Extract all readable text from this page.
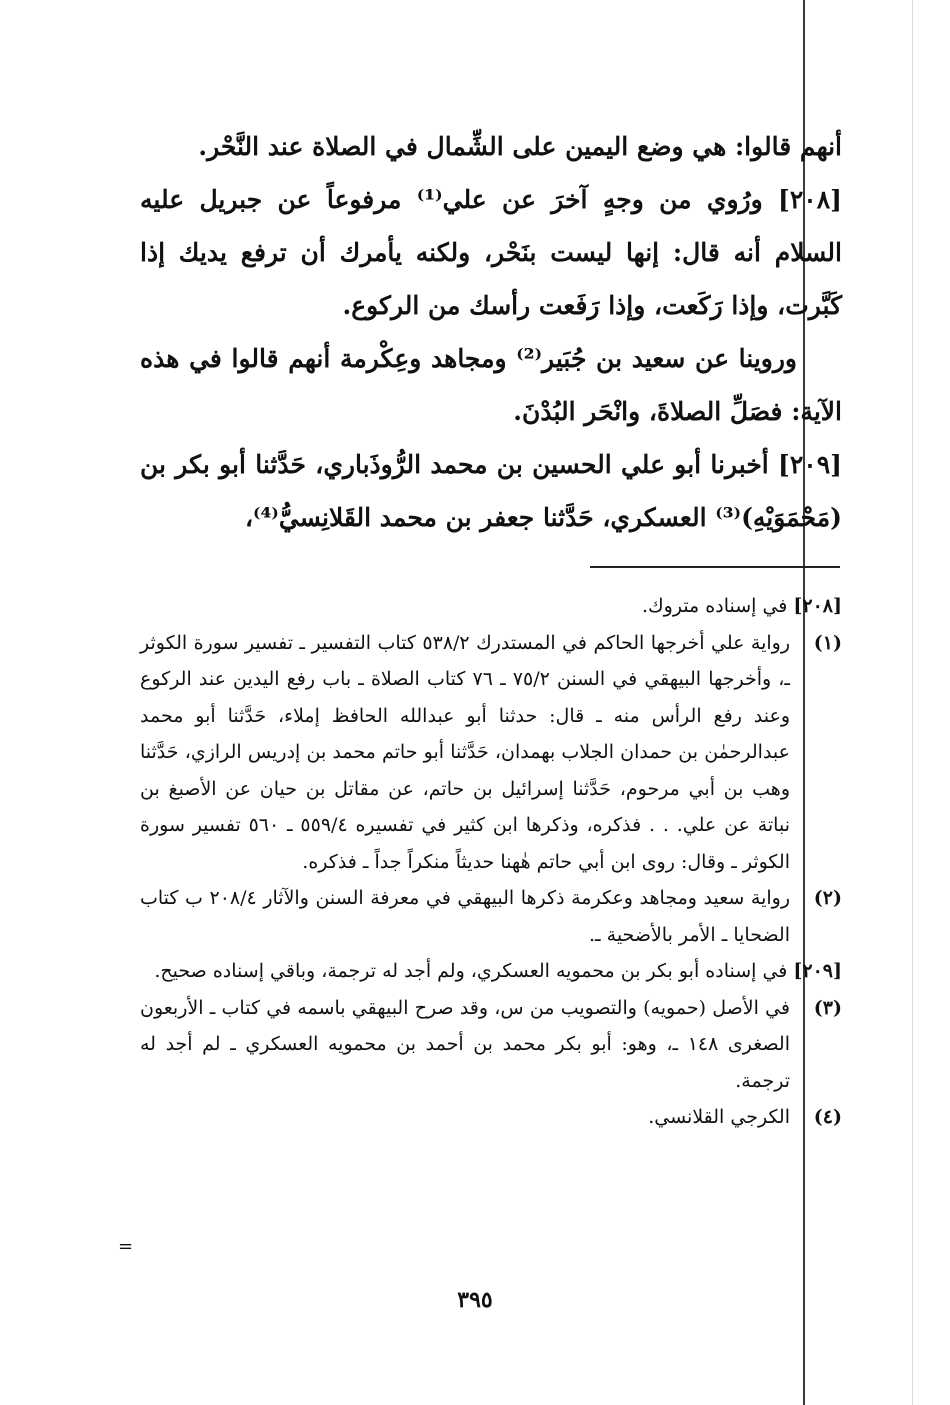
أنهم قالوا: هي وضع اليمين على الشِّمال في الصلاة عند النَّحْر.

[٢٠٨] ورُوي من وجهٍ آخرَ عن علي⁽¹⁾ مرفوعاً عن جبريل عليه السلام أنه قال: إنها ليست بنَحْر، ولكنه يأمرك أن ترفع يديك إذا كَبَّرت، وإذا رَكَعت، وإذا رَفَعت رأسك من الركوع.

وروينا عن سعيد بن جُبَير⁽²⁾ ومجاهد وعِكْرمة أنهم قالوا في هذه الآية: فصَلِّ الصلاةَ، وانْحَر البُدْنَ.

[٢٠٩] أخبرنا أبو علي الحسين بن محمد الرُّوذَباري، حَدَّثنا أبو بكر بن (مَحْمَوَيْهِ)⁽³⁾ العسكري، حَدَّثنا جعفر بن محمد القَلانِسيُّ⁽⁴⁾،

[٢٠٨]
في إسناده متروك.
(١)
رواية علي أخرجها الحاكم في المستدرك ٥٣٨/٢ كتاب التفسير ـ تفسير سورة الكوثر ـ، وأخرجها البيهقي في السنن ٧٥/٢ ـ ٧٦ كتاب الصلاة ـ باب رفع اليدين عند الركوع وعند رفع الرأس منه ـ قال: حدثنا أبو عبدالله الحافظ إملاء، حَدَّثنا أبو محمد عبدالرحمٰن بن حمدان الجلاب بهمدان، حَدَّثنا أبو حاتم محمد بن إدريس الرازي، حَدَّثنا وهب بن أبي مرحوم، حَدَّثنا إسرائيل بن حاتم، عن مقاتل بن حيان عن الأصبغ بن نباتة عن علي. . . فذكره، وذكرها ابن كثير في تفسيره ٥٥٩/٤ ـ ٥٦٠ تفسير سورة الكوثر ـ وقال: روى ابن أبي حاتم هٰهنا حديثاً منكراً جداً ـ فذكره.
(٢)
رواية سعيد ومجاهد وعكرمة ذكرها البيهقي في معرفة السنن والآثار ٢٠٨/٤ ب كتاب الضحايا ـ الأمر بالأضحية ـ.
[٢٠٩]
في إسناده أبو بكر بن محمويه العسكري، ولم أجد له ترجمة، وباقي إسناده صحيح.
(٣)
في الأصل (حمويه) والتصويب من س، وقد صرح البيهقي باسمه في كتاب ـ الأربعون الصغرى ١٤٨ ـ، وهو: أبو بكر محمد بن أحمد بن محمويه العسكري ـ لم أجد له ترجمة.
(٤)
الكرجي القلانسي.
=
٣٩٥
